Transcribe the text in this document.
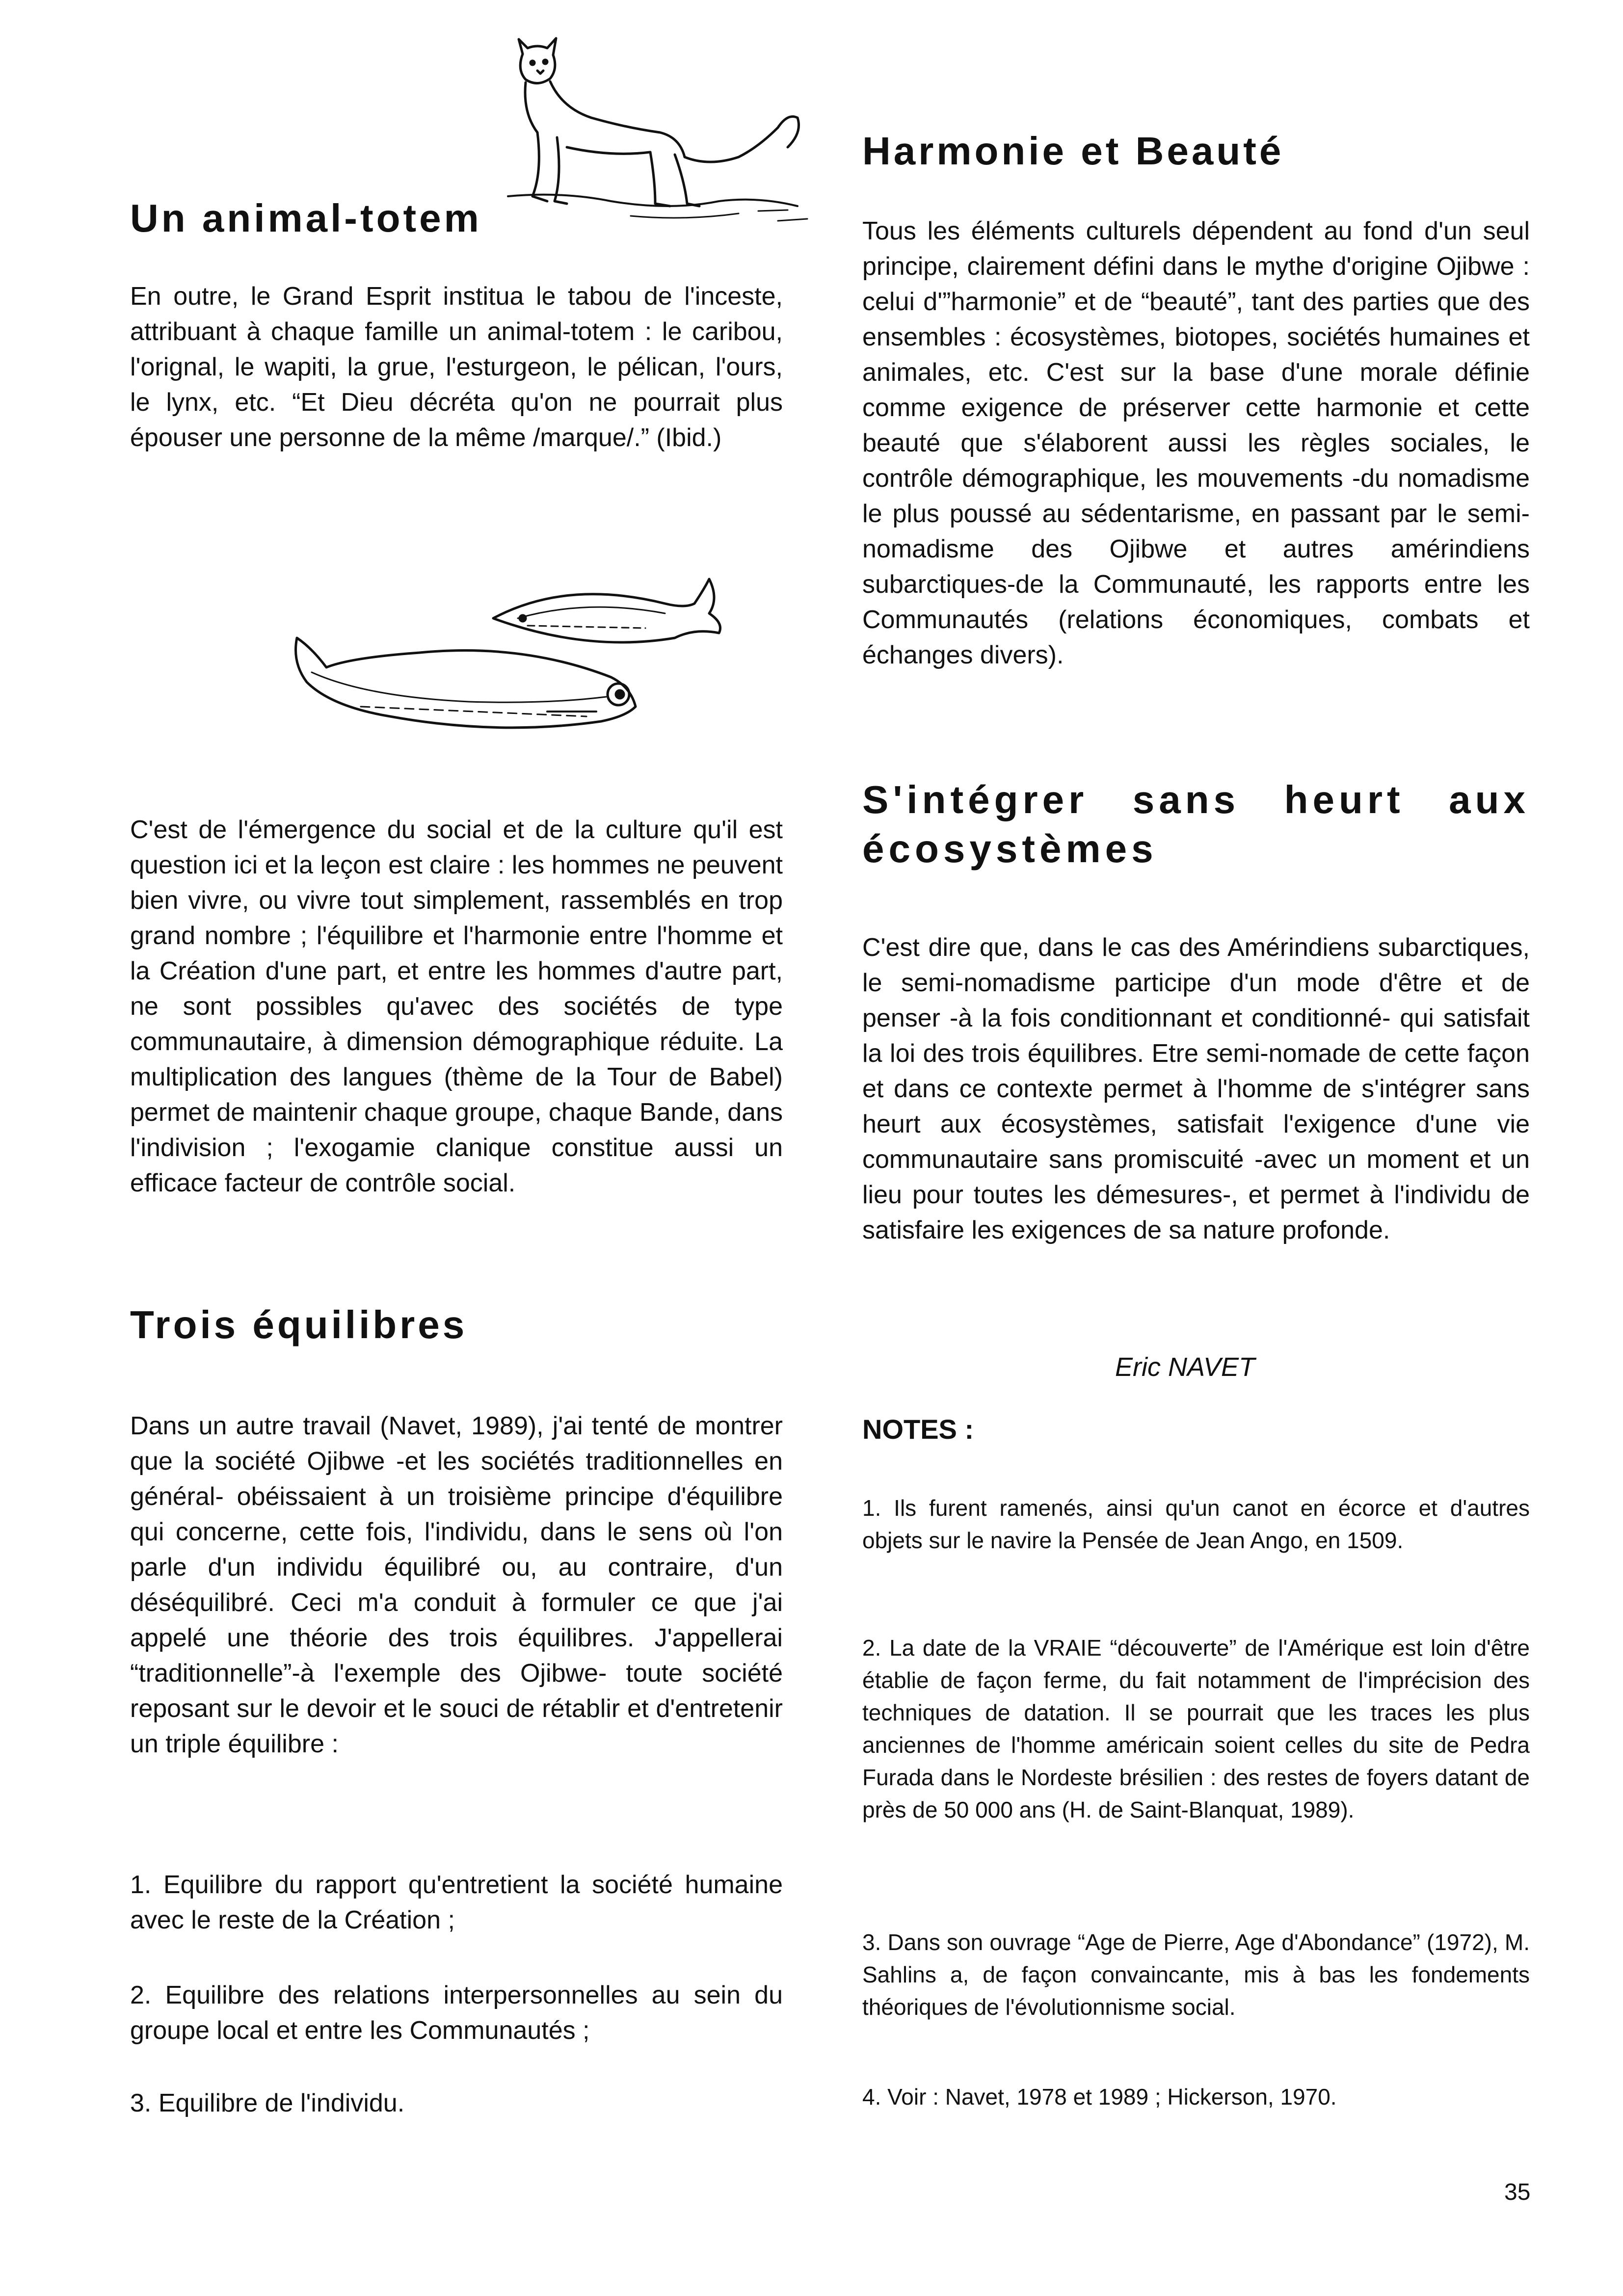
Un animal-totem

En outre, le Grand Esprit institua le tabou de l'inceste, attribuant à chaque famille un animal-totem : le caribou, l'orignal, le wapiti, la grue, l'esturgeon, le pélican, l'ours, le lynx, etc. “Et Dieu décréta qu'on ne pourrait plus épouser une personne de la même /marque/.” (Ibid.)

C'est de l'émergence du social et de la culture qu'il est question ici et la leçon est claire : les hommes ne peuvent bien vivre, ou vivre tout simplement, rassemblés en trop grand nombre ; l'équilibre et l'harmonie entre l'homme et la Création d'une part, et entre les hommes d'autre part, ne sont possibles qu'avec des sociétés de type communautaire, à dimension démographique réduite. La multiplication des langues (thème de la Tour de Babel) permet de maintenir chaque groupe, chaque Bande, dans l'indivision ; l'exogamie clanique constitue aussi un efficace facteur de contrôle social.

Trois équilibres

Dans un autre travail (Navet, 1989), j'ai tenté de montrer que la société Ojibwe -et les sociétés traditionnelles en général- obéissaient à un troisième principe d'équilibre qui concerne, cette fois, l'individu, dans le sens où l'on parle d'un individu équilibré ou, au contraire, d'un déséquilibré. Ceci m'a conduit à formuler ce que j'ai appelé une théorie des trois équilibres. J'appellerai “traditionnelle”-à l'exemple des Ojibwe- toute société reposant sur le devoir et le souci de rétablir et d'entretenir un triple équilibre :

1. Equilibre du rapport qu'entretient la société humaine avec le reste de la Création ;

2. Equilibre des relations interpersonnelles au sein du groupe local et entre les Communautés ;

3. Equilibre de l'individu.

Harmonie et Beauté

Tous les éléments culturels dépendent au fond d'un seul principe, clairement défini dans le mythe d'origine Ojibwe : celui d'”harmonie” et de “beauté”, tant des parties que des ensembles : écosystèmes, biotopes, sociétés humaines et animales, etc. C'est sur la base d'une morale définie comme exigence de préserver cette harmonie et cette beauté que s'élaborent aussi les règles sociales, le contrôle démographique, les mouvements -du nomadisme le plus poussé au sédentarisme, en passant par le semi-nomadisme des Ojibwe et autres amérindiens subarctiques-de la Communauté, les rapports entre les Communautés (relations économiques, combats et échanges divers).

S'intégrer sans heurt aux écosystèmes

C'est dire que, dans le cas des Amérindiens subarctiques, le semi-nomadisme participe d'un mode d'être et de penser -à la fois conditionnant et conditionné- qui satisfait la loi des trois équilibres. Etre semi-nomade de cette façon et dans ce contexte permet à l'homme de s'intégrer sans heurt aux écosystèmes, satisfait l'exigence d'une vie communautaire sans promiscuité -avec un moment et un lieu pour toutes les démesures-, et permet à l'individu de satisfaire les exigences de sa nature profonde.

Eric NAVET

NOTES :

1. Ils furent ramenés, ainsi qu'un canot en écorce et d'autres objets sur le navire la Pensée de Jean Ango, en 1509.

2. La date de la VRAIE “découverte” de l'Amérique est loin d'être établie de façon ferme, du fait notamment de l'imprécision des techniques de datation. Il se pourrait que les traces les plus anciennes de l'homme américain soient celles du site de Pedra Furada dans le Nordeste brésilien : des restes de foyers datant de près de 50 000 ans (H. de Saint-Blanquat, 1989).

3. Dans son ouvrage “Age de Pierre, Age d'Abondance” (1972), M. Sahlins a, de façon convaincante, mis à bas les fondements théoriques de l'évolutionnisme social.

4. Voir : Navet, 1978 et 1989 ; Hickerson, 1970.

35
